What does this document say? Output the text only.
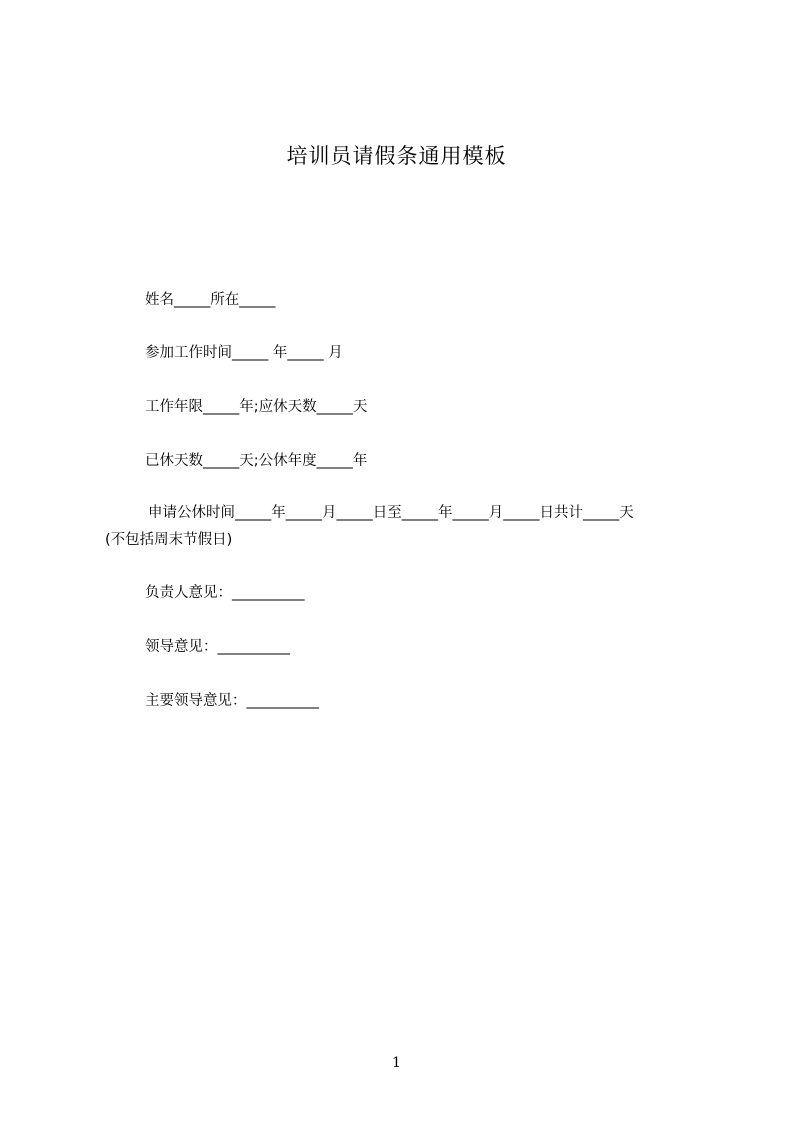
培训员请假条通用模板
姓名_____所在_____
参加工作时间_____ 年_____ 月
工作年限_____年;应休天数_____天
已休天数_____天;公休年度_____年
申请公休时间_____年_____月_____日至_____年_____月_____日共计_____天
(不包括周末节假日)
负责人意见：__________
领导意见：__________
主要领导意见：__________
1
